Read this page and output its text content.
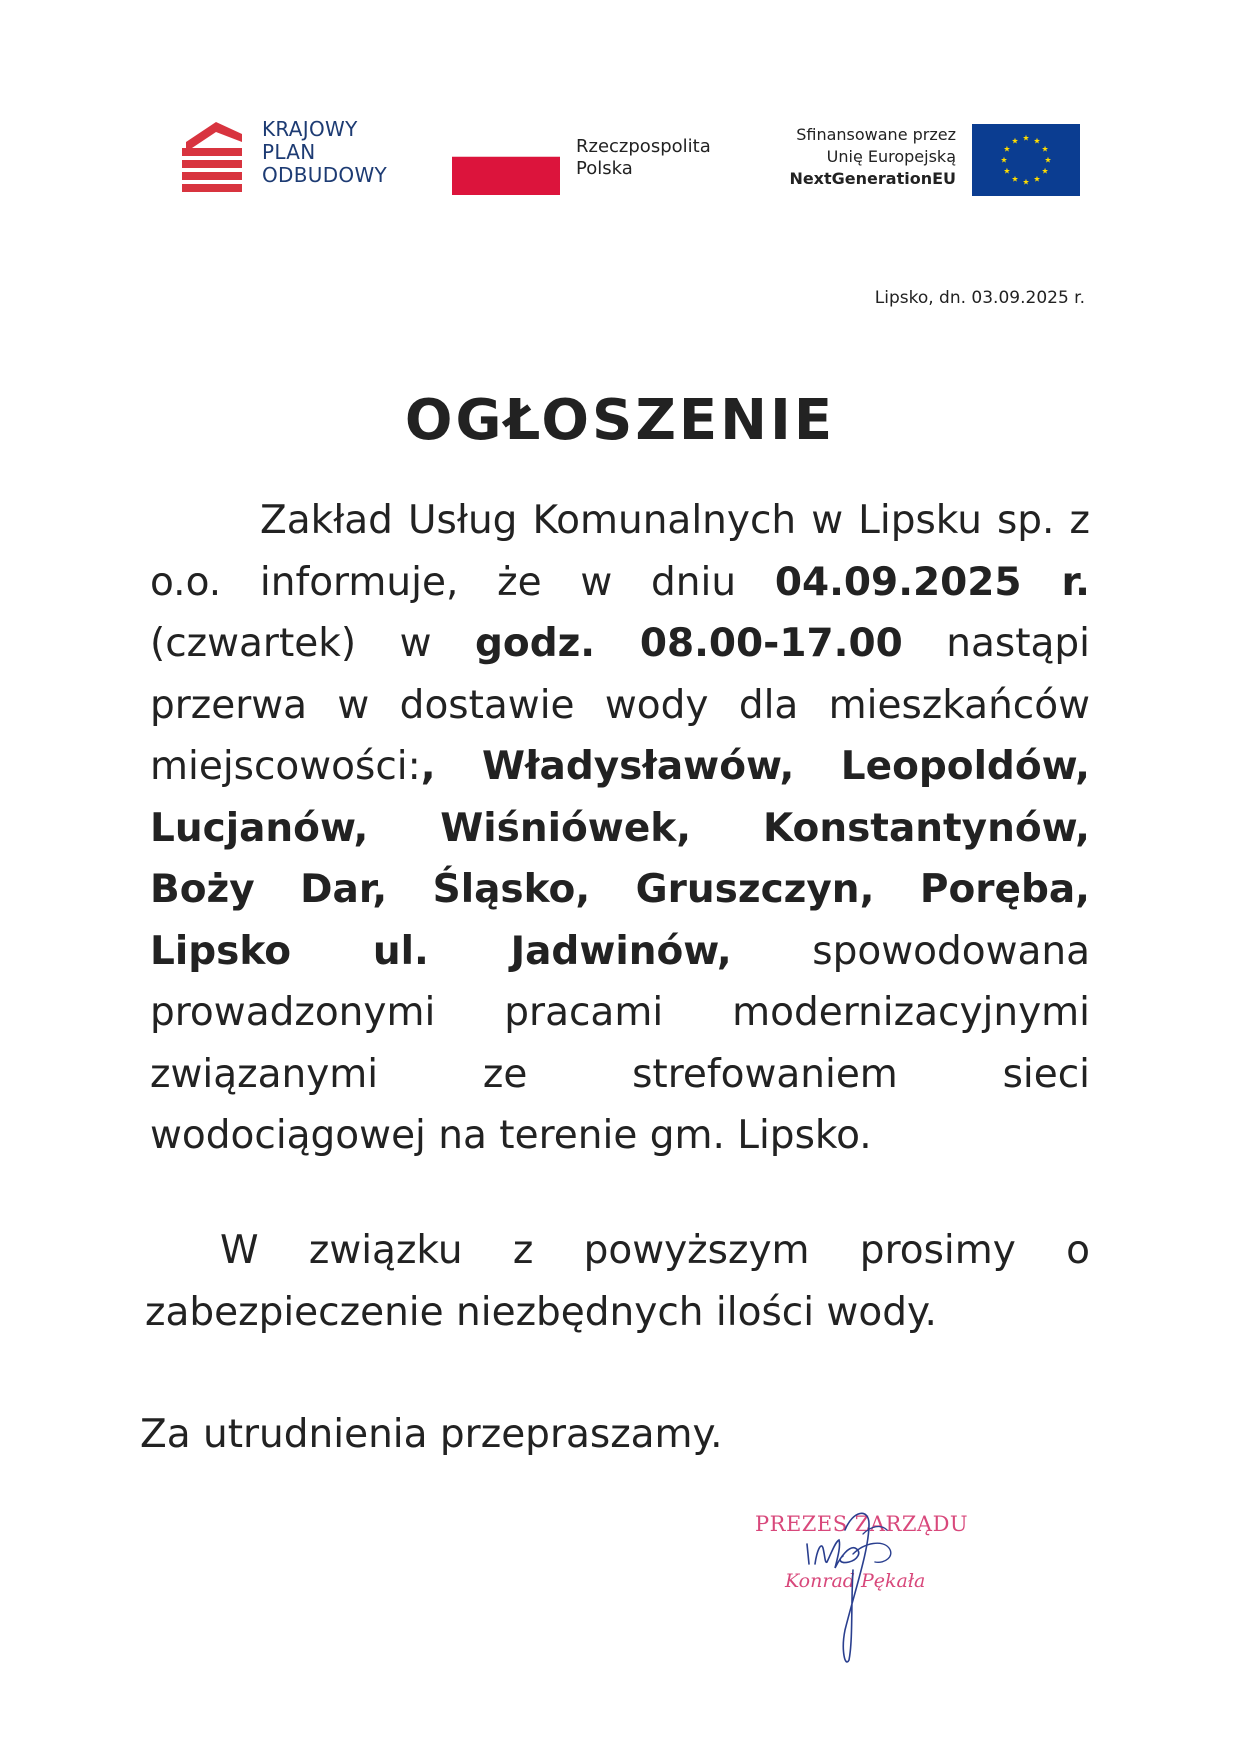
KRAJOWY
PLAN
ODBUDOWY
Rzeczpospolita
Polska
Sfinansowane przez
Unię Europejską
NextGenerationEU
Lipsko, dn. 03.09.2025 r.
OGŁOSZENIE

Zakład Usług Komunalnych w Lipsku sp. z o.o. informuje, że w dniu 04.09.2025 r. (czwartek) w godz. 08.00-17.00 nastąpi przerwa w dostawie wody dla mieszkańców miejscowości:, Władysławów, Leopoldów, Lucjanów, Wiśniówek, Konstantynów, Boży Dar, Śląsko, Gruszczyn, Poręba, Lipsko ul. Jadwinów, spowodowana prowadzonymi pracami modernizacyjnymi związanymi ze strefowaniem sieci wodociągowej na terenie gm. Lipsko.

W związku z powyższym prosimy o zabezpieczenie niezbędnych ilości wody.

Za utrudnienia przepraszamy.
PREZES ZARZĄDU
Konrad Pękała
